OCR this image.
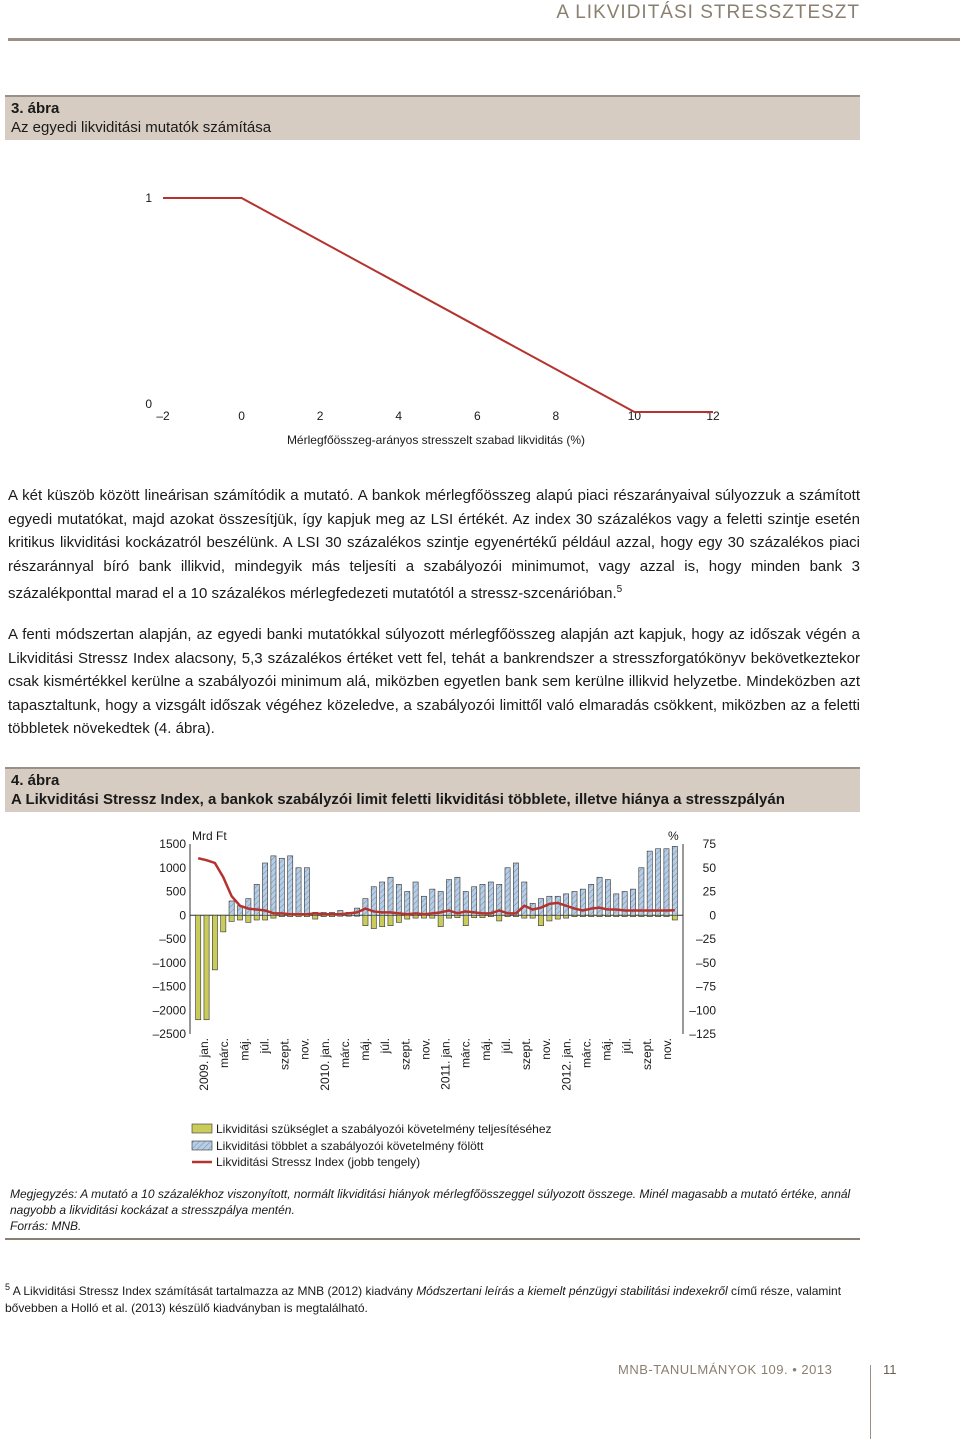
A LIKVIDITÁSI STRESSZTESZT
3. ábra
Az egyedi likviditási mutatók számítása
–2	0	2	4	6	8	10	12
0
1
Mérlegfőösszeg-arányos stresszelt szabad likviditás (%)
A két küszöb között lineárisan számítódik a mutató. A bankok mérlegfőösszeg alapú piaci részarányaival súlyozzuk a számított egyedi mutatókat, majd azokat összesítjük, így kapjuk meg az LSI értékét. Az index 30 százalékos vagy a feletti szintje esetén kritikus likviditási kockázatról beszélünk. A LSI 30 százalékos szintje egyenértékű például azzal, hogy egy 30 százalékos piaci részaránnyal bíró bank illikvid, mindegyik más teljesíti a szabályozói minimumot, vagy azzal is, hogy minden bank 3 százalékponttal marad el a 10 százalékos mérlegfedezeti mutatótól a stressz-szcenárióban.$^5$
A fenti módszertan alapján, az egyedi banki mutatókkal súlyozott mérlegfőösszeg alapján azt kapjuk, hogy az időszak végén a Likviditási Stressz Index alacsony, 5,3 százalékos értéket vett fel, tehát a bankrendszer a stresszforgatókönyv bekövetkeztekor csak kismértékkel kerülne a szabályozói minimum alá, miközben egyetlen bank sem kerülne illikvid helyzetbe. Mindeközben azt tapasztaltunk, hogy a vizsgált időszak végéhez közeledve, a szabályozói limittől való elmaradás csökkent, miközben az a feletti többletek növekedtek (4. ábra).
4. ábra
A Likviditási Stressz Index, a bankok szabályzói limit feletti likviditási többlete, illetve hiánya a stresszpályán
1500
1000
500
0
–500
–1000
–1500
–2000
–2500
75
50
25
0
–25
–50
–75
–100
–125
Mrd Ft	%
2009. jan. márc. máj. júl. szept. nov. 2010. jan. márc. máj. júl. szept. nov. 2011. jan. márc. máj. júl. szept. nov. 2012. jan. márc. máj. júl. szept. nov.
Likviditási szükséglet a szabályozói követelmény teljesítéséhez
Likviditási többlet a szabályozói követelmény fölött
Likviditási Stressz Index (jobb tengely)
Megjegyzés: A mutató a 10 százalékhoz viszonyított, normált likviditási hiányok mérlegfőösszeggel súlyozott összege. Minél magasabb a mutató értéke, annál nagyobb a likviditási kockázat a stresszpálya mentén.
Forrás: MNB.
$^5$ A Likviditási Stressz Index számítását tartalmazza az MNB (2012) kiadvány Módszertani leírás a kiemelt pénzügyi stabilitási indexekről című része, valamint bővebben a Holló et al. (2013) készülő kiadványban is megtalálható.
MNB-TANULMÁNYOK 109. • 2013	11
